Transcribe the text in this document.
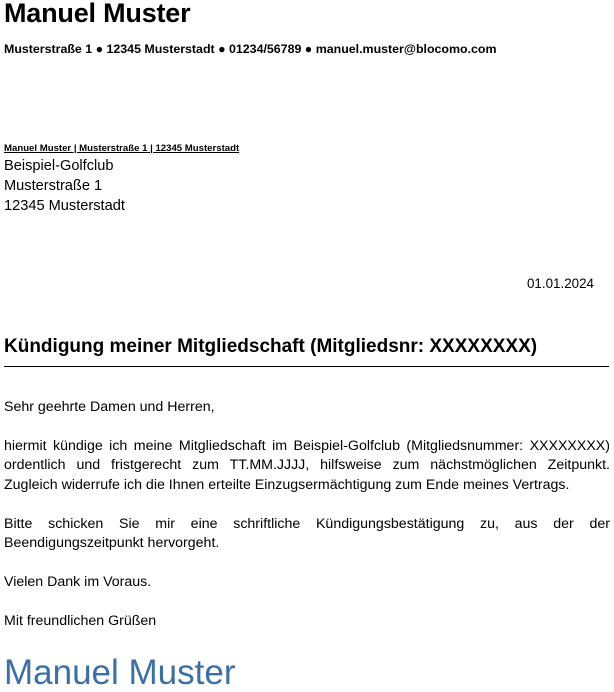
Manuel Muster
Musterstraße 1 ● 12345 Musterstadt ● 01234/56789 ● manuel.muster@blocomo.com
Manuel Muster | Musterstraße 1 | 12345 Musterstadt
Beispiel-Golfclub
Musterstraße 1
12345 Musterstadt
01.01.2024
Kündigung meiner Mitgliedschaft (Mitgliedsnr: XXXXXXXX)

Sehr geehrte Damen und Herren,

hiermit kündige ich meine Mitgliedschaft im Beispiel-Golfclub (Mitgliedsnummer: XXXXXXXX) ordentlich und fristgerecht zum TT.MM.JJJJ, hilfsweise zum nächstmöglichen Zeitpunkt. Zugleich widerrufe ich die Ihnen erteilte Einzugsermächtigung zum Ende meines Vertrags.

Bitte schicken Sie mir eine schriftliche Kündigungsbestätigung zu, aus der der Beendigungszeitpunkt hervorgeht.

Vielen Dank im Voraus.

Mit freundlichen Grüßen

Manuel Muster
